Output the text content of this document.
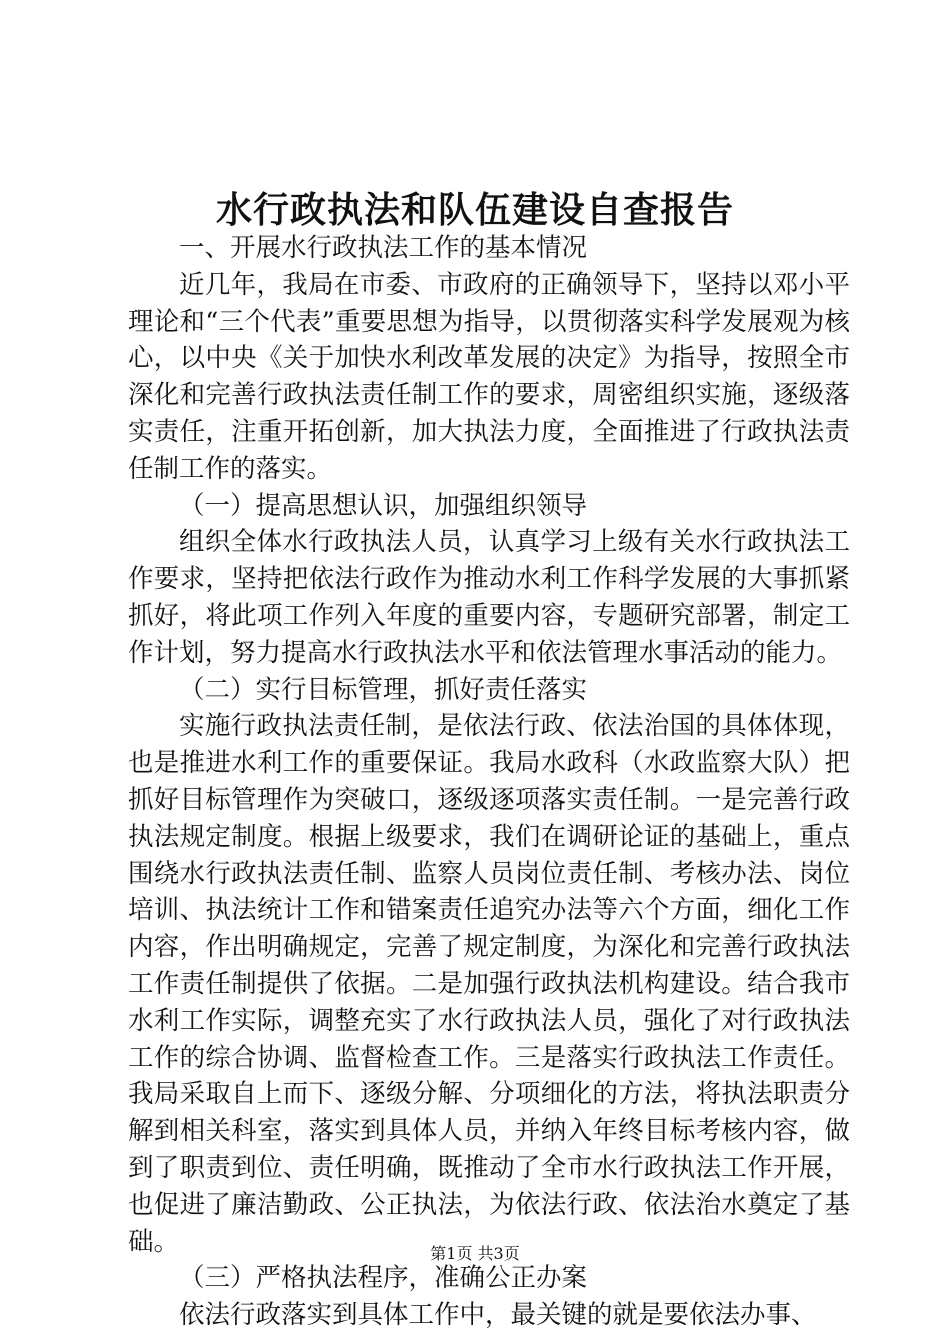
水行政执法和队伍建设自查报告

一、开展水行政执法工作的基本情况

近几年，我局在市委、市政府的正确领导下，坚持以邓小平理论和“三个代表”重要思想为指导，以贯彻落实科学发展观为核心，以中央《关于加快水利改革发展的决定》为指导，按照全市深化和完善行政执法责任制工作的要求，周密组织实施，逐级落实责任，注重开拓创新，加大执法力度，全面推进了行政执法责任制工作的落实。

（一）提高思想认识，加强组织领导

组织全体水行政执法人员，认真学习上级有关水行政执法工作要求，坚持把依法行政作为推动水利工作科学发展的大事抓紧抓好，将此项工作列入年度的重要内容，专题研究部署，制定工作计划，努力提高水行政执法水平和依法管理水事活动的能力。

（二）实行目标管理，抓好责任落实

实施行政执法责任制，是依法行政、依法治国的具体体现，也是推进水利工作的重要保证。我局水政科（水政监察大队）把抓好目标管理作为突破口，逐级逐项落实责任制。一是完善行政执法规定制度。根据上级要求，我们在调研论证的基础上，重点围绕水行政执法责任制、监察人员岗位责任制、考核办法、岗位培训、执法统计工作和错案责任追究办法等六个方面，细化工作内容，作出明确规定，完善了规定制度，为深化和完善行政执法工作责任制提供了依据。二是加强行政执法机构建设。结合我市水利工作实际，调整充实了水行政执法人员，强化了对行政执法工作的综合协调、监督检查工作。三是落实行政执法工作责任。我局采取自上而下、逐级分解、分项细化的方法，将执法职责分解到相关科室，落实到具体人员，并纳入年终目标考核内容，做到了职责到位、责任明确，既推动了全市水行政执法工作开展，也促进了廉洁勤政、公正执法，为依法行政、依法治水奠定了基础。

（三）严格执法程序，准确公正办案

依法行政落实到具体工作中，最关键的就是要依法办事、

第1页 共3页
